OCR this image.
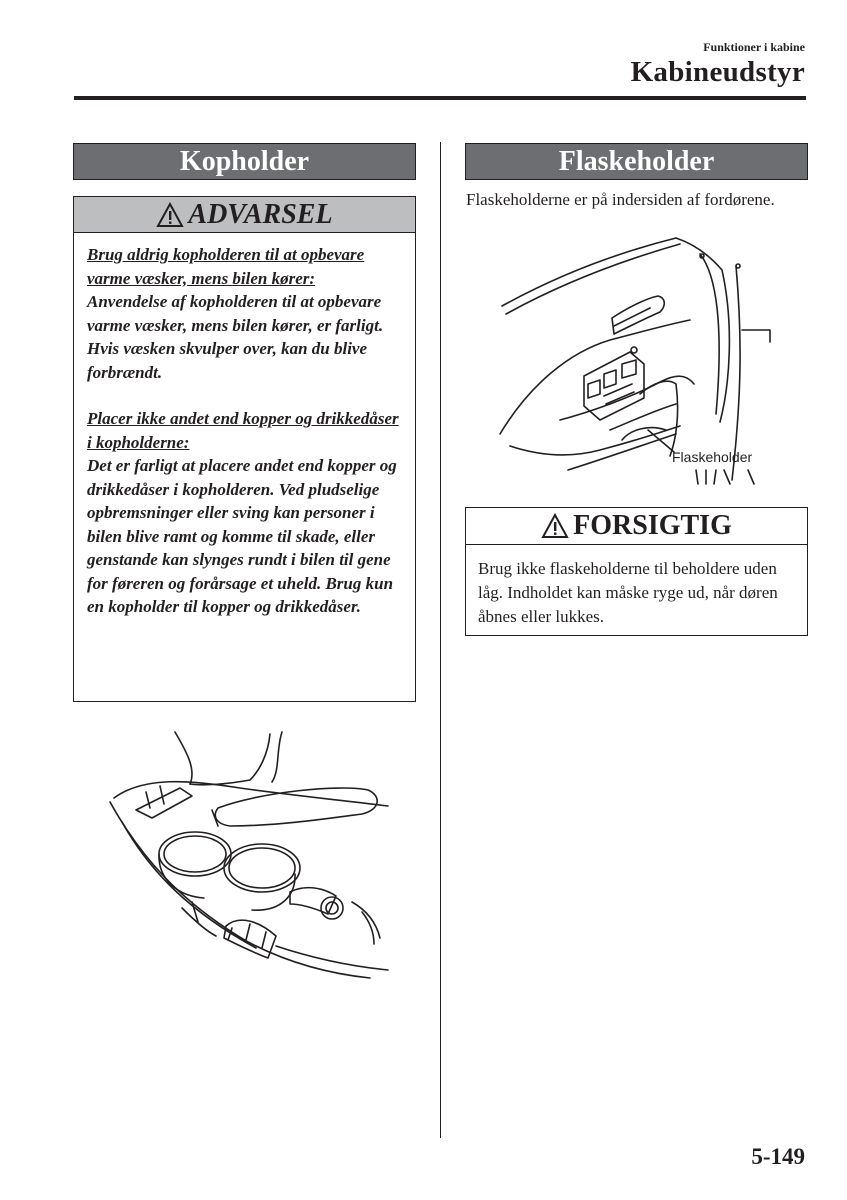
Funktioner i kabine
Kabineudstyr
Kopholder
ADVARSEL

Brug aldrig kopholderen til at opbevare varme væsker, mens bilen kører:

Anvendelse af kopholderen til at opbevare varme væsker, mens bilen kører, er farligt. Hvis væsken skvulper over, kan du blive forbrændt.

Placer ikke andet end kopper og drikkedåser i kopholderne:

Det er farligt at placere andet end kopper og drikkedåser i kopholderen. Ved pludselige opbremsninger eller sving kan personer i bilen blive ramt og komme til skade, eller genstande kan slynges rundt i bilen til gene for føreren og forårsage et uheld. Brug kun en kopholder til kopper og drikkedåser.

Flaskeholder
Flaskeholderne er på indersiden af fordørene.
Flaskeholder
FORSIGTIG
Brug ikke flaskeholderne til beholdere uden låg. Indholdet kan måske ryge ud, når døren åbnes eller lukkes.
5-149
